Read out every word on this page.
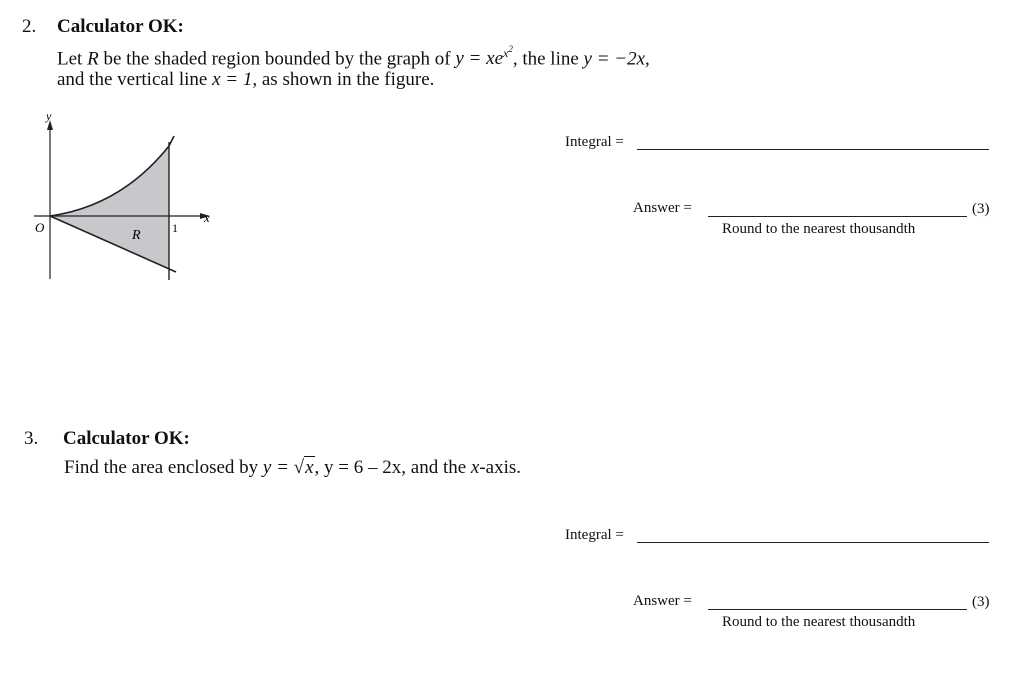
2. Calculator OK:
Let R be the shaded region bounded by the graph of $y = xe^{x^2}$, the line y = −2x,
and the vertical line x = 1, as shown in the figure.
y
x
O
R	1
Integral =
Answer =	(3)
Round to the nearest thousandth
3. Calculator OK:
Find the area enclosed by y = √x, y = 6 – 2x, and the x-axis.
Integral =
Answer =	(3)
Round to the nearest thousandth
